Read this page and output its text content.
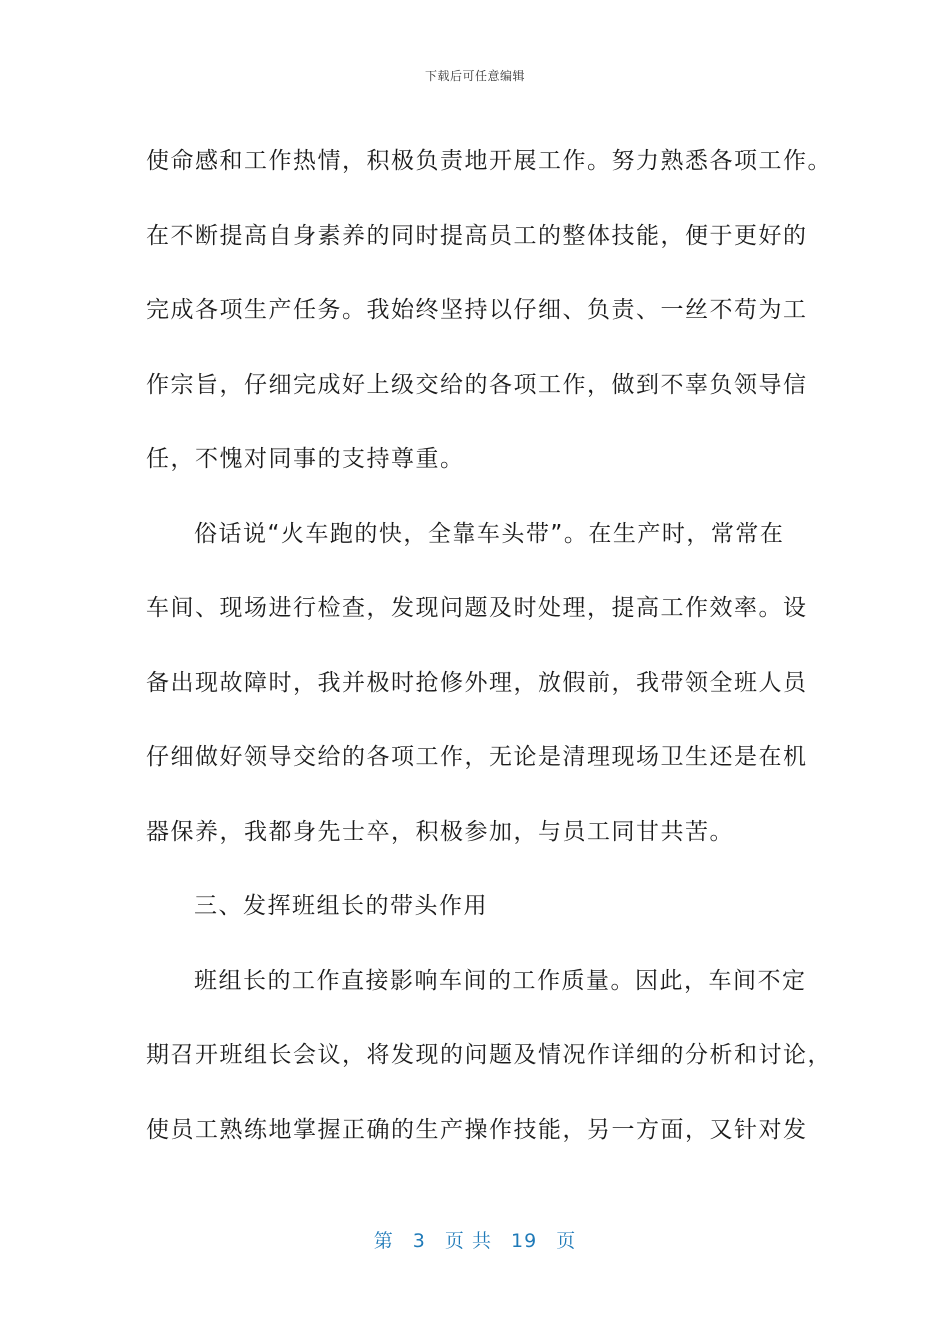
下载后可任意编辑
使命感和工作热情，积极负责地开展工作。努力熟悉各项工作。
在不断提高自身素养的同时提高员工的整体技能，便于更好的
完成各项生产任务。我始终坚持以仔细、负责、一丝不苟为工
作宗旨，仔细完成好上级交给的各项工作，做到不辜负领导信
任，不愧对同事的支持尊重。
俗话说“火车跑的快，全靠车头带”。在生产时，常常在
车间、现场进行检查，发现问题及时处理，提高工作效率。设
备出现故障时，我并极时抢修外理，放假前，我带领全班人员
仔细做好领导交给的各项工作，无论是清理现场卫生还是在机
器保养，我都身先士卒，积极参加，与员工同甘共苦。
三、发挥班组长的带头作用
班组长的工作直接影响车间的工作质量。因此，车间不定
期召开班组长会议，将发现的问题及情况作详细的分析和讨论，
使员工熟练地掌握正确的生产操作技能，另一方面，又针对发
第 3 页 共 19 页
